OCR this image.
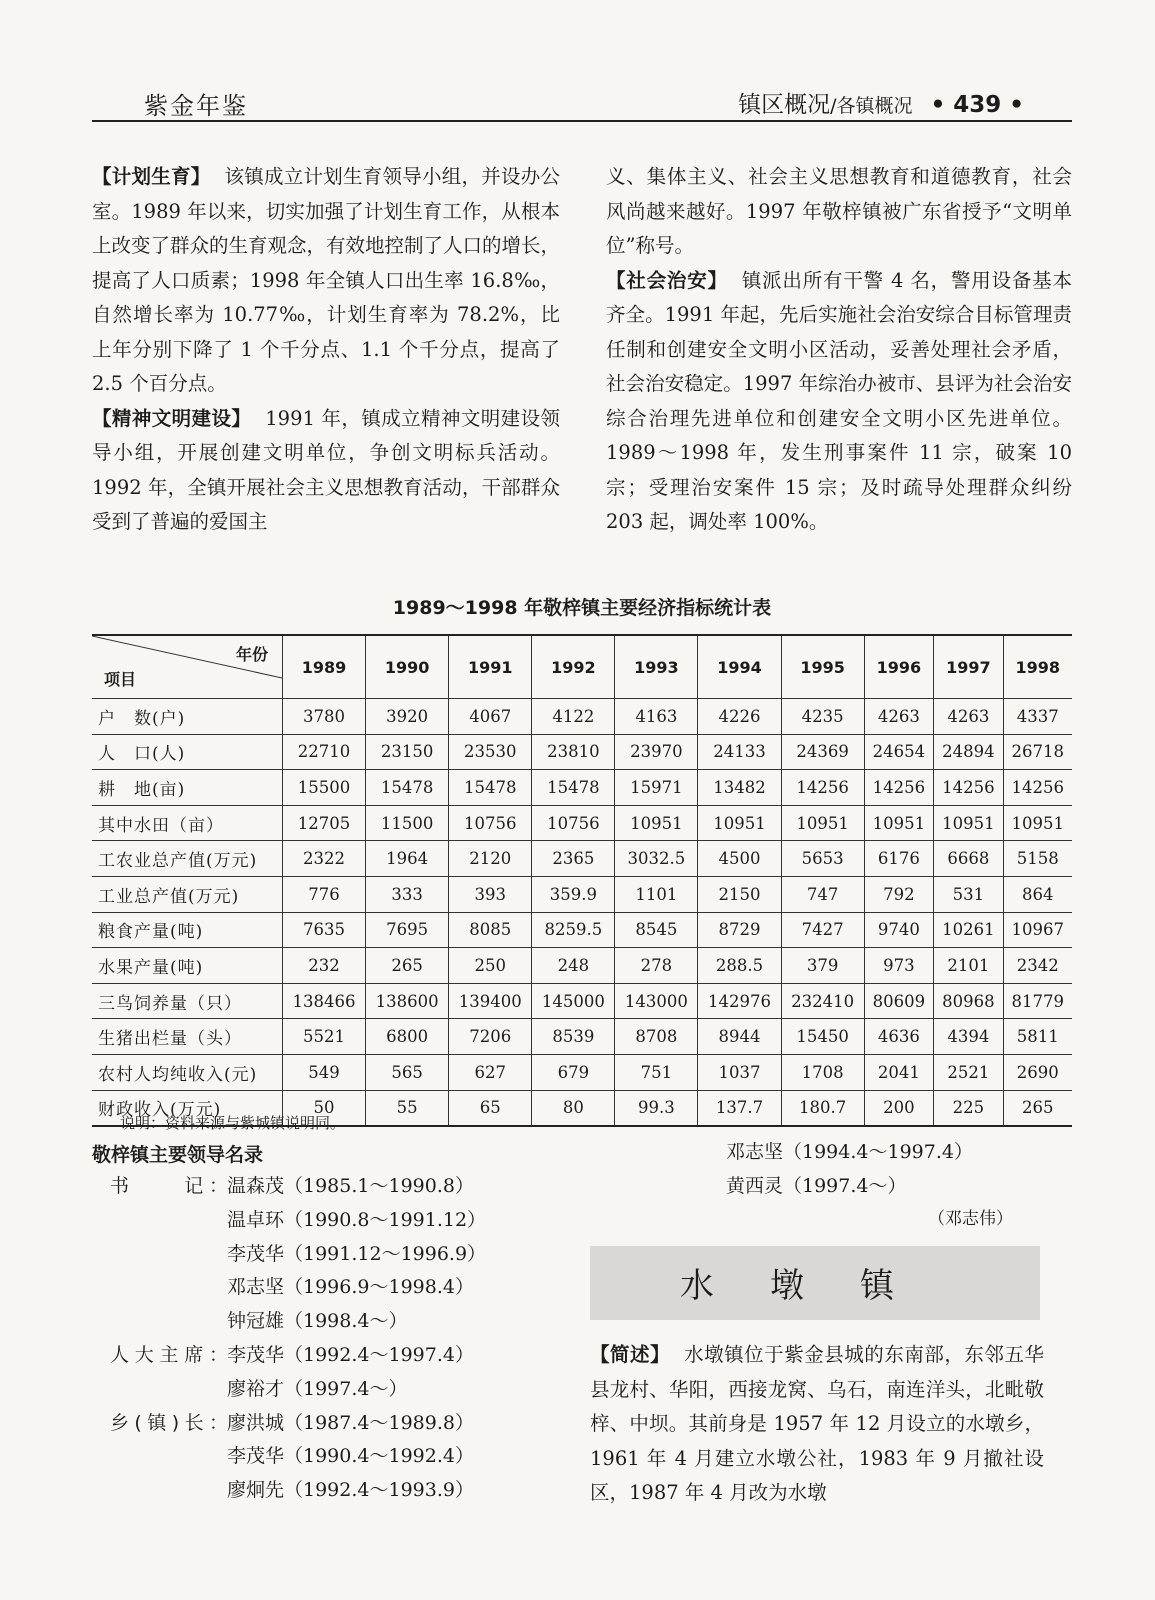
紫金年鉴	镇区概况/各镇概况 • 439 •

【计划生育】 该镇成立计划生育领导小组，并设办公室。1989 年以来，切实加强了计划生育工作，从根本上改变了群众的生育观念，有效地控制了人口的增长，提高了人口质素；1998 年全镇人口出生率 16.8‰，自然增长率为 10.77‰，计划生育率为 78.2%，比上年分别下降了 1 个千分点、1.1 个千分点，提高了 2.5 个百分点。

【精神文明建设】 1991 年，镇成立精神文明建设领导小组，开展创建文明单位，争创文明标兵活动。1992 年，全镇开展社会主义思想教育活动，干部群众受到了普遍的爱国主

义、集体主义、社会主义思想教育和道德教育，社会风尚越来越好。1997 年敬梓镇被广东省授予“文明单位”称号。

【社会治安】 镇派出所有干警 4 名，警用设备基本齐全。1991 年起，先后实施社会治安综合目标管理责任制和创建安全文明小区活动，妥善处理社会矛盾，社会治安稳定。1997 年综治办被市、县评为社会治安综合治理先进单位和创建安全文明小区先进单位。1989～1998 年，发生刑事案件 11 宗，破案 10 宗；受理治安案件 15 宗；及时疏导处理群众纠纷 203 起，调处率 100%。

1989～1998 年敬梓镇主要经济指标统计表
年份
项目	1989	1990	1991	1992	1993	1994	1995	1996	1997	1998
户　数(户)	3780	3920	4067	4122	4163	4226	4235	4263	4263	4337
人　口(人)	22710	23150	23530	23810	23970	24133	24369	24654	24894	26718
耕　地(亩)	15500	15478	15478	15478	15971	13482	14256	14256	14256	14256
其中水田（亩）	12705	11500	10756	10756	10951	10951	10951	10951	10951	10951
工农业总产值(万元)	2322	1964	2120	2365	3032.5	4500	5653	6176	6668	5158
工业总产值(万元)	776	333	393	359.9	1101	2150	747	792	531	864
粮食产量(吨)	7635	7695	8085	8259.5	8545	8729	7427	9740	10261	10967
水果产量(吨)	232	265	250	248	278	288.5	379	973	2101	2342
三鸟饲养量（只）	138466	138600	139400	145000	143000	142976	232410	80609	80968	81779
生猪出栏量（头）	5521	6800	7206	8539	8708	8944	15450	4636	4394	5811
农村人均纯收入(元)	549	565	627	679	751	1037	1708	2041	2521	2690
财政收入(万元)	50	55	65	80	99.3	137.7	180.7	200	225	265
说明：资料来源与紫城镇说明同。
敬梓镇主要领导名录
书　　记： 温森茂（1985.1～1990.8）
温卓环（1990.8～1991.12）
李茂华（1991.12～1996.9）
邓志坚（1996.9～1998.4）
钟冠雄（1998.4～）
人大主席： 李茂华（1992.4～1997.4）
廖裕才（1997.4～）
乡(镇)长： 廖洪城（1987.4～1989.8）
李茂华（1990.4～1992.4）
廖炯先（1992.4～1993.9）
邓志坚（1994.4～1997.4）
黄西灵（1997.4～）
（邓志伟）
水墩镇

【简述】 水墩镇位于紫金县城的东南部，东邻五华县龙村、华阳，西接龙窝、乌石，南连洋头，北毗敬梓、中坝。其前身是 1957 年 12 月设立的水墩乡，1961 年 4 月建立水墩公社，1983 年 9 月撤社设区，1987 年 4 月改为水墩
